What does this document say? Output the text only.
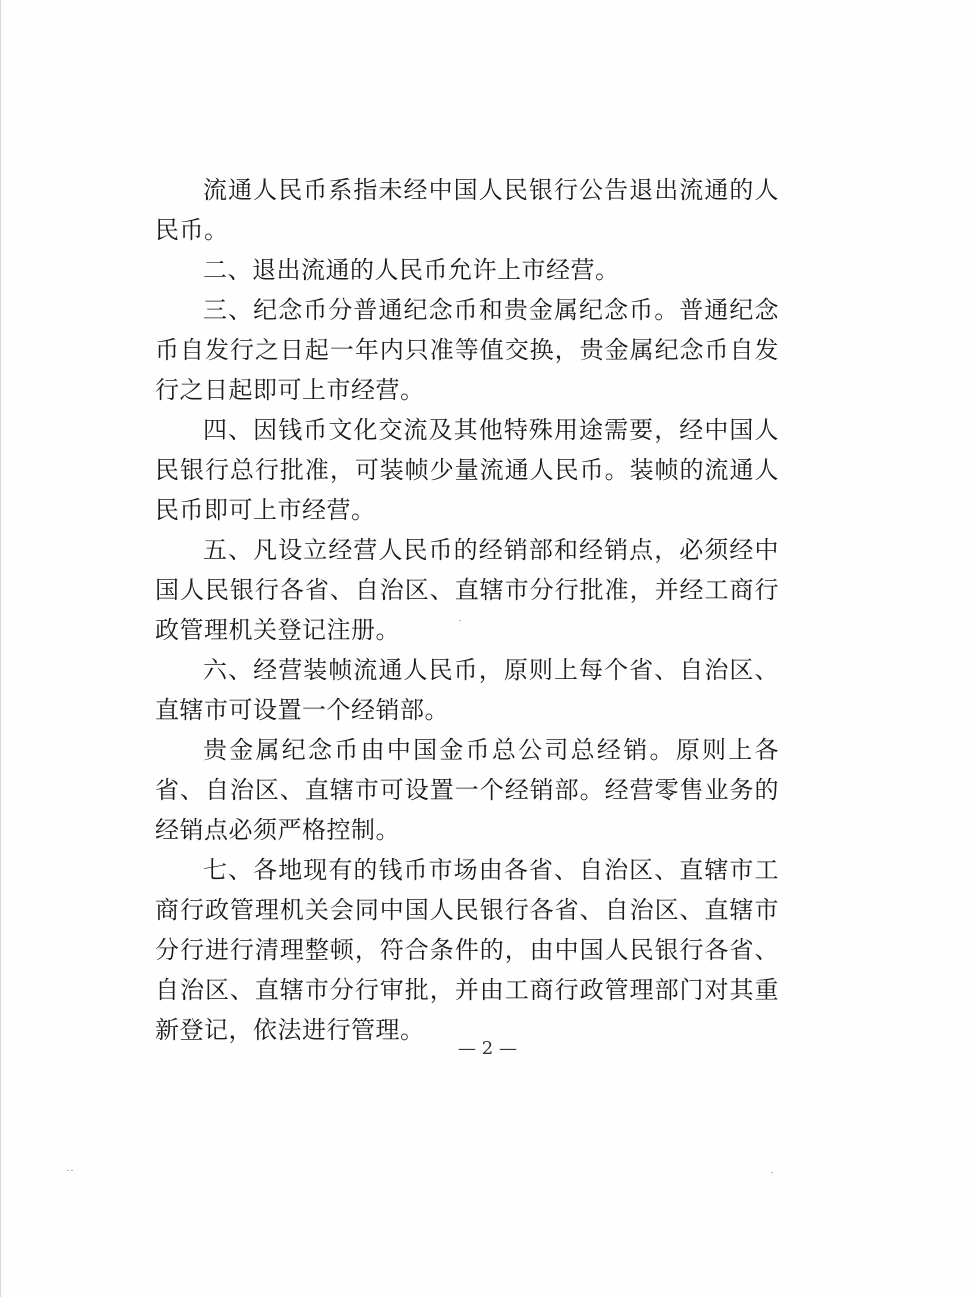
流通人民币系指未经中国人民银行公告退出流通的人民币。

二、退出流通的人民币允许上市经营。

三、纪念币分普通纪念币和贵金属纪念币。普通纪念币自发行之日起一年内只准等值交换，贵金属纪念币自发行之日起即可上市经营。

四、因钱币文化交流及其他特殊用途需要，经中国人民银行总行批准，可装帧少量流通人民币。装帧的流通人民币即可上市经营。

五、凡设立经营人民币的经销部和经销点，必须经中国人民银行各省、自治区、直辖市分行批准，并经工商行政管理机关登记注册。

六、经营装帧流通人民币，原则上每个省、自治区、直辖市可设置一个经销部。

贵金属纪念币由中国金币总公司总经销。原则上各省、自治区、直辖市可设置一个经销部。经营零售业务的经销点必须严格控制。

七、各地现有的钱币市场由各省、自治区、直辖市工商行政管理机关会同中国人民银行各省、自治区、直辖市分行进行清理整顿，符合条件的，由中国人民银行各省、自治区、直辖市分行审批，并由工商行政管理部门对其重新登记，依法进行管理。

— 2 —
